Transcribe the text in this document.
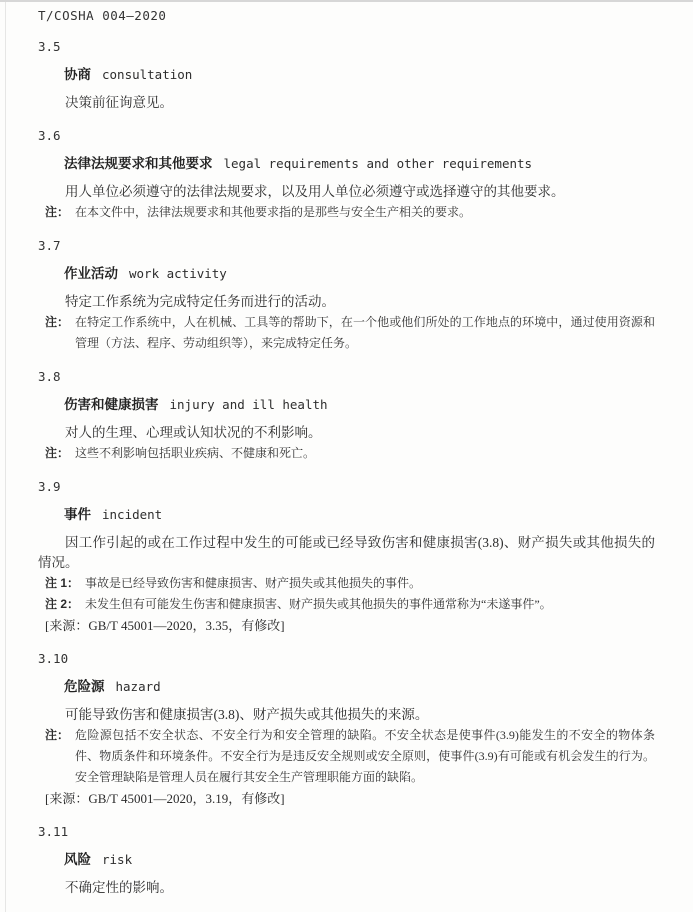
T/COSHA 004—2020
3.5
协商 consultation
决策前征询意见。
3.6
法律法规要求和其他要求 legal requirements and other requirements
用人单位必须遵守的法律法规要求，以及用人单位必须遵守或选择遵守的其他要求。
注： 在本文件中，法律法规要求和其他要求指的是那些与安全生产相关的要求。
3.7
作业活动 work activity
特定工作系统为完成特定任务而进行的活动。
注： 在特定工作系统中，人在机械、工具等的帮助下，在一个他或他们所处的工作地点的环境中，通过使用资源和管理（方法、程序、劳动组织等），来完成特定任务。
3.8
伤害和健康损害 injury and ill health
对人的生理、心理或认知状况的不利影响。
注： 这些不利影响包括职业疾病、不健康和死亡。
3.9
事件 incident
因工作引起的或在工作过程中发生的可能或已经导致伤害和健康损害(3.8)、财产损失或其他损失的情况。
注 1： 事故是已经导致伤害和健康损害、财产损失或其他损失的事件。
注 2： 未发生但有可能发生伤害和健康损害、财产损失或其他损失的事件通常称为“未遂事件”。
[来源：GB/T 45001—2020，3.35，有修改]
3.10
危险源 hazard
可能导致伤害和健康损害(3.8)、财产损失或其他损失的来源。
注： 危险源包括不安全状态、不安全行为和安全管理的缺陷。不安全状态是使事件(3.9)能发生的不安全的物体条件、物质条件和环境条件。不安全行为是违反安全规则或安全原则，使事件(3.9)有可能或有机会发生的行为。安全管理缺陷是管理人员在履行其安全生产管理职能方面的缺陷。
[来源：GB/T 45001—2020，3.19，有修改]
3.11
风险 risk
不确定性的影响。
